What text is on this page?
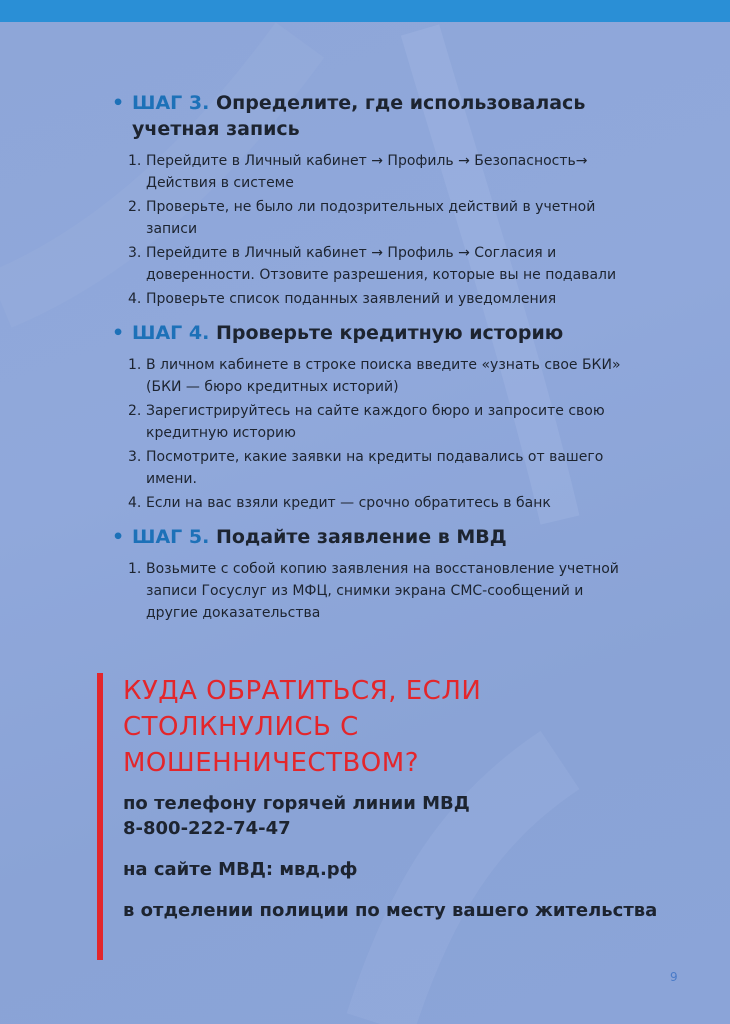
• ШАГ 3. Определите, где использовалась учетная запись
1. Перейдите в Личный кабинет → Профиль → Безопасность→ Действия в системе
2. Проверьте, не было ли подозрительных действий в учетной записи
3. Перейдите в Личный кабинет → Профиль → Согласия и доверенности. Отзовите разрешения, которые вы не подавали
4. Проверьте список поданных заявлений и уведомления
• ШАГ 4. Проверьте кредитную историю
1. В личном кабинете в строке поиска введите «узнать свое БКИ» (БКИ — бюро кредитных историй)
2. Зарегистрируйтесь на сайте каждого бюро и запросите свою кредитную историю
3. Посмотрите, какие заявки на кредиты подавались от вашего имени.
4. Если на вас взяли кредит — срочно обратитесь в банк
• ШАГ 5. Подайте заявление в МВД
1. Возьмите с собой копию заявления на восстановление учетной записи Госуслуг из МФЦ, снимки экрана СМС-сообщений и другие доказательства
КУДА ОБРАТИТЬСЯ, ЕСЛИ СТОЛКНУЛИСЬ С МОШЕННИЧЕСТВОМ?
по телефону горячей линии МВД
8-800-222-74-47
на сайте МВД: мвд.рф
в отделении полиции по месту вашего жительства
9
